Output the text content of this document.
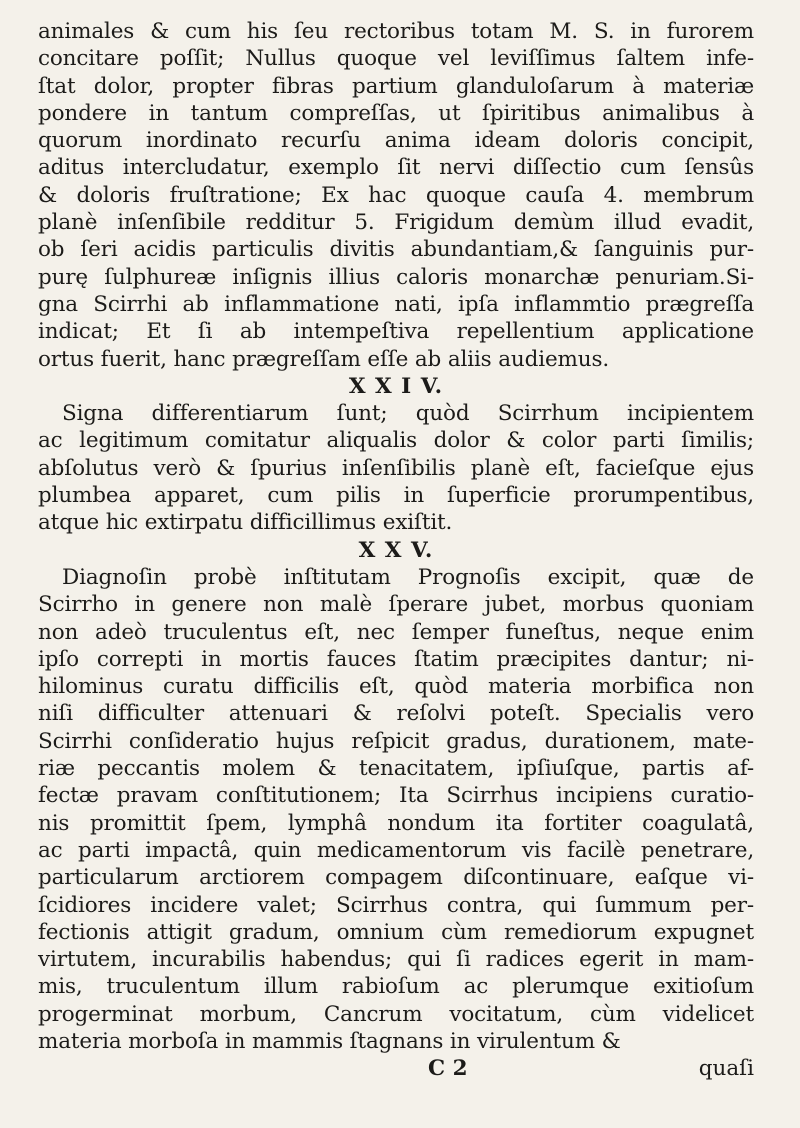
animales & cum his ſeu rectoribus totam M. S. in furorem
concitare poſſit; Nullus quoque vel leviſſimus ſaltem infe-
ſtat dolor, propter fibras partium glanduloſarum à materiæ
pondere in tantum compreſſas, ut ſpiritibus animalibus à
quorum inordinato recurſu anima ideam doloris concipit,
aditus intercludatur, exemplo ſit nervi diſſectio cum ſensûs
& doloris fruſtratione; Ex hac quoque cauſa 4. membrum
planè inſenſibile redditur 5. Frigidum demùm illud evadit,
ob ſeri acidis particulis divitis abundantiam,& ſanguinis pur-
purę ſulphureæ inſignis illius caloris monarchæ penuriam.Si-
gna Scirrhi ab inflammatione nati, ipſa inflammtio prægreſſa
indicat; Et ſi ab intempeſtiva repellentium applicatione
ortus fuerit, hanc prægreſſam eſſe ab aliis audiemus.
X X I V.
Signa differentiarum ſunt; quòd Scirrhum incipientem
ac legitimum comitatur aliqualis dolor & color parti ſimilis;
abſolutus verò & ſpurius inſenſibilis planè eſt, facieſque ejus
plumbea apparet, cum pilis in ſuperficie prorumpentibus,
atque hic extirpatu difficillimus exiſtit.
X X V.
Diagnoſin probè inſtitutam Prognoſis excipit, quæ de
Scirrho in genere non malè ſperare jubet, morbus quoniam
non adeò truculentus eſt, nec ſemper funeſtus, neque enim
ipſo correpti in mortis fauces ſtatim præcipites dantur; ni-
hilominus curatu difficilis eſt, quòd materia morbifica non
niſi difficulter attenuari & reſolvi poteſt. Specialis vero
Scirrhi conſideratio hujus reſpicit gradus, durationem, mate-
riæ peccantis molem & tenacitatem, ipſiuſque, partis af-
fectæ pravam conſtitutionem; Ita Scirrhus incipiens curatio-
nis promittit ſpem, lymphâ nondum ita fortiter coagulatâ,
ac parti impactâ, quin medicamentorum vis facilè penetrare,
particularum arctiorem compagem diſcontinuare, eaſque vi-
ſcidiores incidere valet; Scirrhus contra, qui ſummum per-
fectionis attigit gradum, omnium cùm remediorum expugnet
virtutem, incurabilis habendus; qui ſi radices egerit in mam-
mis, truculentum illum rabioſum ac plerumque exitioſum
progerminat morbum, Cancrum vocitatum, cùm videlicet
materia morboſa in mammis ſtagnans in virulentum &
C 2	quaſi
